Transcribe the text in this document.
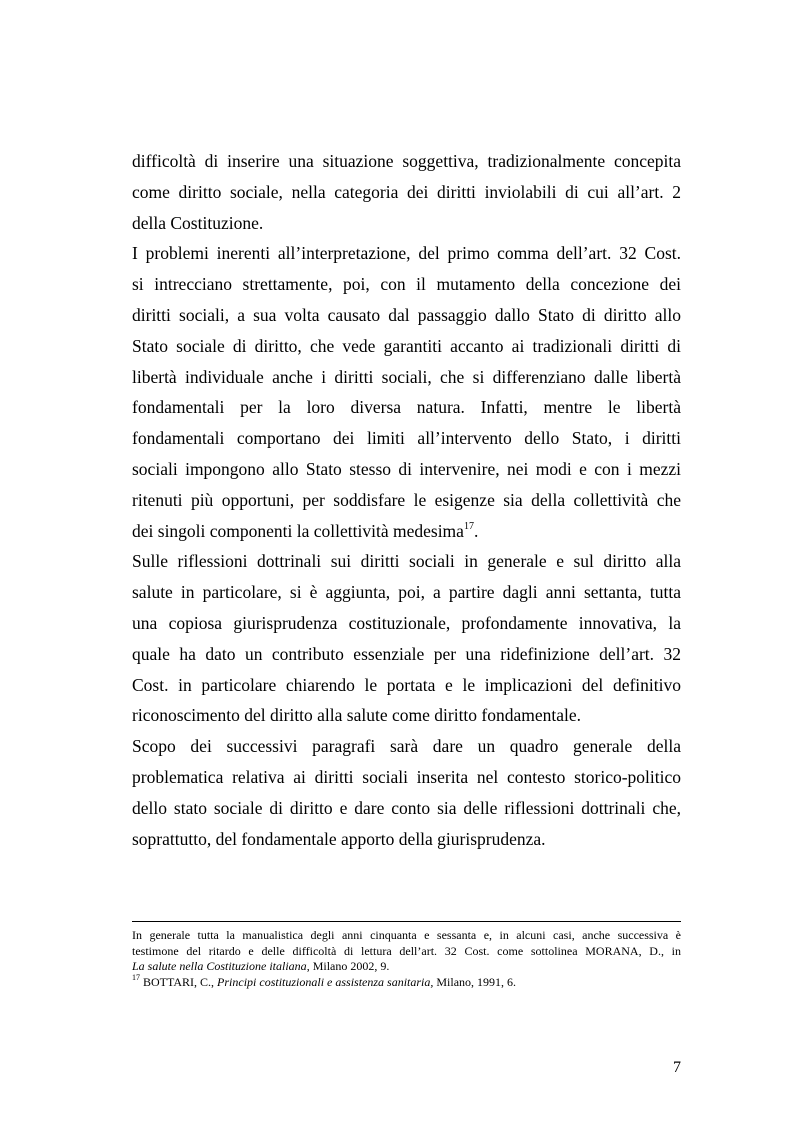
difficoltà di inserire una situazione soggettiva, tradizionalmente concepita
come diritto sociale, nella categoria dei diritti inviolabili di cui all’art. 2
della Costituzione.
I problemi inerenti all’interpretazione, del primo comma dell’art. 32 Cost.
si intrecciano strettamente, poi, con il mutamento della concezione dei
diritti sociali, a sua volta causato dal passaggio dallo Stato di diritto allo
Stato sociale di diritto, che vede garantiti accanto ai tradizionali diritti di
libertà individuale anche i diritti sociali, che si differenziano dalle libertà
fondamentali per la loro diversa natura. Infatti, mentre le libertà
fondamentali comportano dei limiti all’intervento dello Stato, i diritti
sociali impongono allo Stato stesso di intervenire, nei modi e con i mezzi
ritenuti più opportuni, per soddisfare le esigenze sia della collettività che
dei singoli componenti la collettività medesima$^{17}$.
Sulle riflessioni dottrinali sui diritti sociali in generale e sul diritto alla
salute in particolare, si è aggiunta, poi, a partire dagli anni settanta, tutta
una copiosa giurisprudenza costituzionale, profondamente innovativa, la
quale ha dato un contributo essenziale per una ridefinizione dell’art. 32
Cost. in particolare chiarendo le portata e le implicazioni del definitivo
riconoscimento del diritto alla salute come diritto fondamentale.
Scopo dei successivi paragrafi sarà dare un quadro generale della
problematica relativa ai diritti sociali inserita nel contesto storico-politico
dello stato sociale di diritto e dare conto sia delle riflessioni dottrinali che,
soprattutto, del fondamentale apporto della giurisprudenza.
In generale tutta la manualistica degli anni cinquanta e sessanta e, in alcuni casi, anche successiva è
testimone del ritardo e delle difficoltà di lettura dell’art. 32 Cost. come sottolinea MORANA, D., in
La salute nella Costituzione italiana, Milano 2002, 9.
$^{17}$ BOTTARI, C., Principi costituzionali e assistenza sanitaria, Milano, 1991, 6.
7
